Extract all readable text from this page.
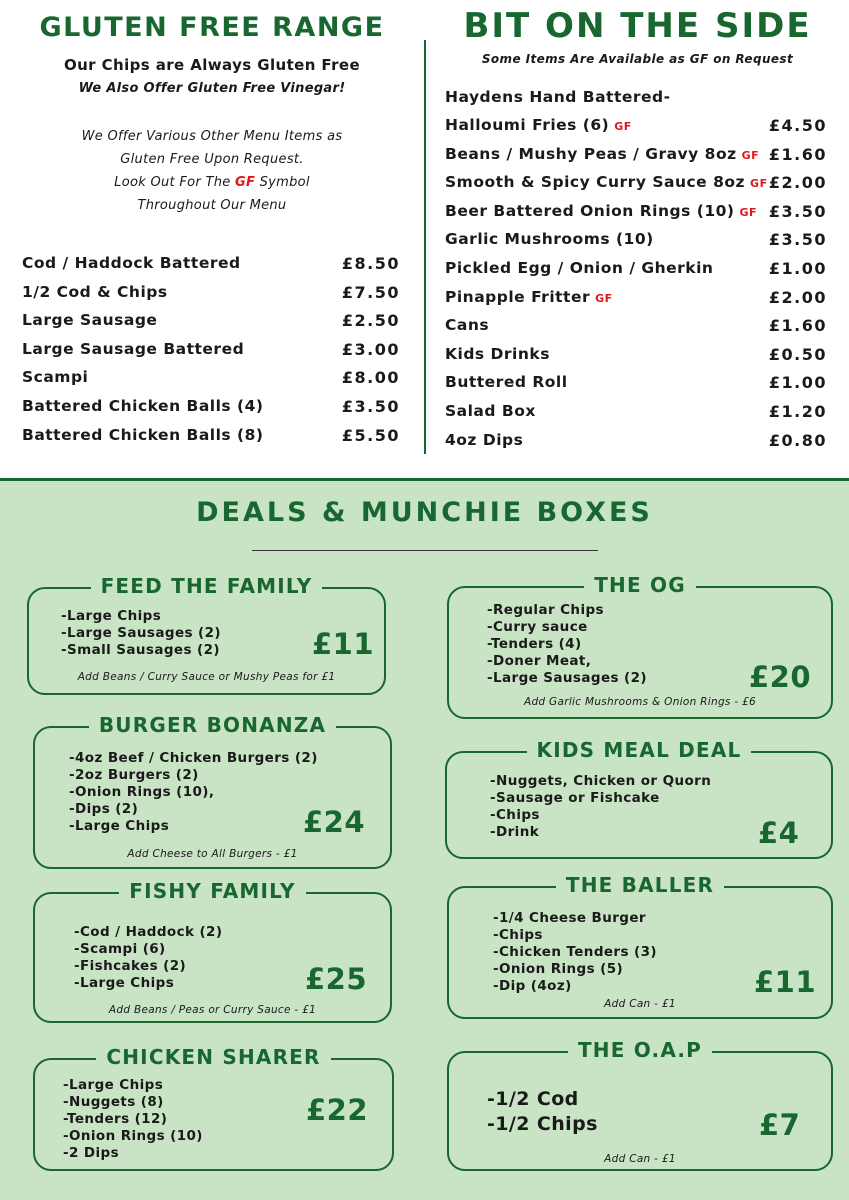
GLUTEN FREE RANGE
Our Chips are Always Gluten Free
We Also Offer Gluten Free Vinegar!
We Offer Various Other Menu Items as
Gluten Free Upon Request.
Look Out For The GF Symbol
Throughout Our Menu
Cod / Haddock Battered	£8.50
1/2 Cod & Chips	£7.50
Large Sausage	£2.50
Large Sausage Battered	£3.00
Scampi	£8.00
Battered Chicken Balls (4)	£3.50
Battered Chicken Balls (8)	£5.50
BIT ON THE SIDE
Some Items Are Available as GF on Request
Haydens Hand Battered-
Halloumi Fries (6) GF	£4.50
Beans / Mushy Peas / Gravy 8oz GF £1.60
Smooth & Spicy Curry Sauce 8oz GF £2.00
Beer Battered Onion Rings (10) GF £3.50
Garlic Mushrooms (10)	£3.50
Pickled Egg / Onion / Gherkin	£1.00
Pinapple Fritter GF	£2.00
Cans	£1.60
Kids Drinks	£0.50
Buttered Roll	£1.00
Salad Box	£1.20
4oz Dips	£0.80
DEALS & MUNCHIE BOXES
FEED THE FAMILY
-Large Chips
-Large Sausages (2)
-Small Sausages (2)	£11
Add Beans / Curry Sauce or Mushy Peas for £1
THE OG
-Regular Chips
-Curry sauce
-Tenders (4)
-Doner Meat,
-Large Sausages (2)	£20
Add Garlic Mushrooms & Onion Rings - £6
BURGER BONANZA
-4oz Beef / Chicken Burgers (2)
-2oz Burgers (2)
-Onion Rings (10),
-Dips (2)
-Large Chips	£24
Add Cheese to All Burgers - £1
KIDS MEAL DEAL
-Nuggets, Chicken or Quorn
-Sausage or Fishcake
-Chips
-Drink	£4
FISHY FAMILY
-Cod / Haddock (2)
-Scampi (6)
-Fishcakes (2)
-Large Chips	£25
Add Beans / Peas or Curry Sauce - £1
THE BALLER
-1/4 Cheese Burger
-Chips
-Chicken Tenders (3)
-Onion Rings (5)
-Dip (4oz)	£11
Add Can - £1
CHICKEN SHARER
-Large Chips
-Nuggets (8)
-Tenders (12)
-Onion Rings (10)
-2 Dips
£22
THE O.A.P
-1/2 Cod
-1/2 Chips	£7
Add Can - £1
